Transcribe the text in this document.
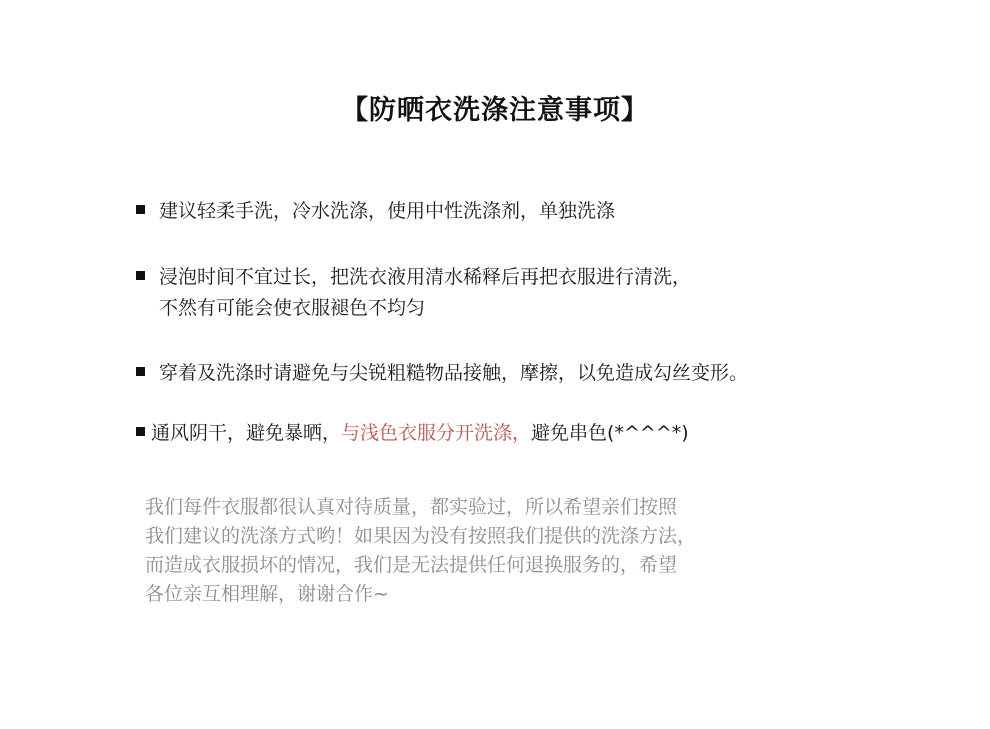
【防晒衣洗涤注意事项】
建议轻柔手洗，冷水洗涤，使用中性洗涤剂，单独洗涤
浸泡时间不宜过长，把洗衣液用清水稀释后再把衣服进行清洗，
不然有可能会使衣服褪色不均匀
穿着及洗涤时请避免与尖锐粗糙物品接触，摩擦，以免造成勾丝变形。
通风阴干，避免暴晒，与浅色衣服分开洗涤，避免串色(*^^^*)
我们每件衣服都很认真对待质量，都实验过，所以希望亲们按照
我们建议的洗涤方式哟！如果因为没有按照我们提供的洗涤方法，
而造成衣服损坏的情况，我们是无法提供任何退换服务的，希望
各位亲互相理解，谢谢合作~
